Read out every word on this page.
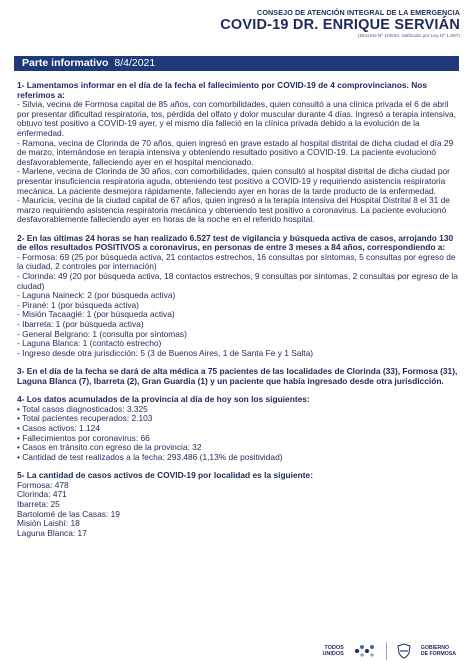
CONSEJO DE ATENCIÓN INTEGRAL DE LA EMERGENCIA
COVID-19 DR. ENRIQUE SERVIÁN
(Decreto Nº 100/20, ratificado por Ley Nº 1.697)
Parte informativo 8/4/2021
1- Lamentamos informar en el día de la fecha el fallecimiento por COVID-19 de 4 comprovincianos. Nos referimos a:
- Silvia, vecina de Formosa capital de 85 años, con comorbilidades, quien consultó a una clínica privada el 6 de abril por presentar dificultad respiratoria, tos, pérdida del olfato y dolor muscular durante 4 días. Ingresó a terapia intensiva, obtuvo test positivo a COVID-19 ayer, y el mismo día falleció en la clínica privada debido a la evolución de la enfermedad.
- Ramona, vecina de Clorinda de 70 años, quien ingresó en grave estado al hospital distrital de dicha ciudad el día 29 de marzo, internándose en terapia intensiva y obteniendo resultado positivo a COVID-19. La paciente evolucionó desfavorablemente, falleciendo ayer en el hospital mencionado.
- Marlene, vecina de Clorinda de 30 años, con comorbilidades, quien consultó al hospital distrital de dicha ciudad por presentar insuficiencia respiratoria aguda, obteniendo test positivo a COVID-19 y requiriendo asistencia respiratoria mecánica. La paciente desmejora rápidamente, falleciendo ayer en horas de la tarde producto de la enfermedad.
- Mauricia, vecina de la ciudad capital de 67 años, quien ingresó a la terapia intensiva del Hospital Distrital 8 el 31 de marzo requiriendo asistencia respiratoria mecánica y obteniendo test positivo a coronavirus. La paciente evolucionó desfavorablemente falleciendo ayer en horas de la noche en el referido hospital.
2- En las últimas 24 horas se han realizado 6.527 test de vigilancia y búsqueda activa de casos, arrojando 130 de ellos resultados POSITIVOS a coronavirus, en personas de entre 3 meses a 84 años, correspondiendo a:
- Formosa: 69 (25 por búsqueda activa, 21 contactos estrechos, 16 consultas por síntomas, 5 consultas por egreso de la ciudad, 2 controles por internación)
- Clorinda: 49 (20 por búsqueda activa, 18 contactos estrechos, 9 consultas por síntomas, 2 consultas por egreso de la ciudad)
- Laguna Naineck: 2 (por búsqueda activa)
- Pirané: 1 (por búsqueda activa)
- Misión Tacaaglé: 1 (por búsqueda activa)
- Ibarreta: 1 (por búsqueda activa)
- General Belgrano: 1 (consulta por síntomas)
- Laguna Blanca: 1 (contacto estrecho)
- Ingreso desde otra jurisdicción: 5 (3 de Buenos Aires, 1 de Santa Fe y 1 Salta)
3- En el día de la fecha se dará de alta médica a 75 pacientes de las localidades de Clorinda (33), Formosa (31), Laguna Blanca (7), Ibarreta (2), Gran Guardia (1) y un paciente que había ingresado desde otra jurisdicción.
4- Los datos acumulados de la provincia al día de hoy son los siguientes:
• Total casos diagnosticados: 3.325
• Total pacientes recuperados: 2.103
• Casos activos: 1.124
• Fallecimientos por coronavirus: 66
• Casos en tránsito con egreso de la provincia: 32
• Cantidad de test realizados a la fecha: 293.486 (1,13% de positividad)
5- La cantidad de casos activos de COVID-19 por localidad es la siguiente:
Formosa: 478
Clorinda: 471
Ibarreta: 25
Bartolomé de las Casas: 19
Misión Laishí: 18
Laguna Blanca: 17
TODOS
UNIDOS
GOBIERNO
DE FORMOSA
